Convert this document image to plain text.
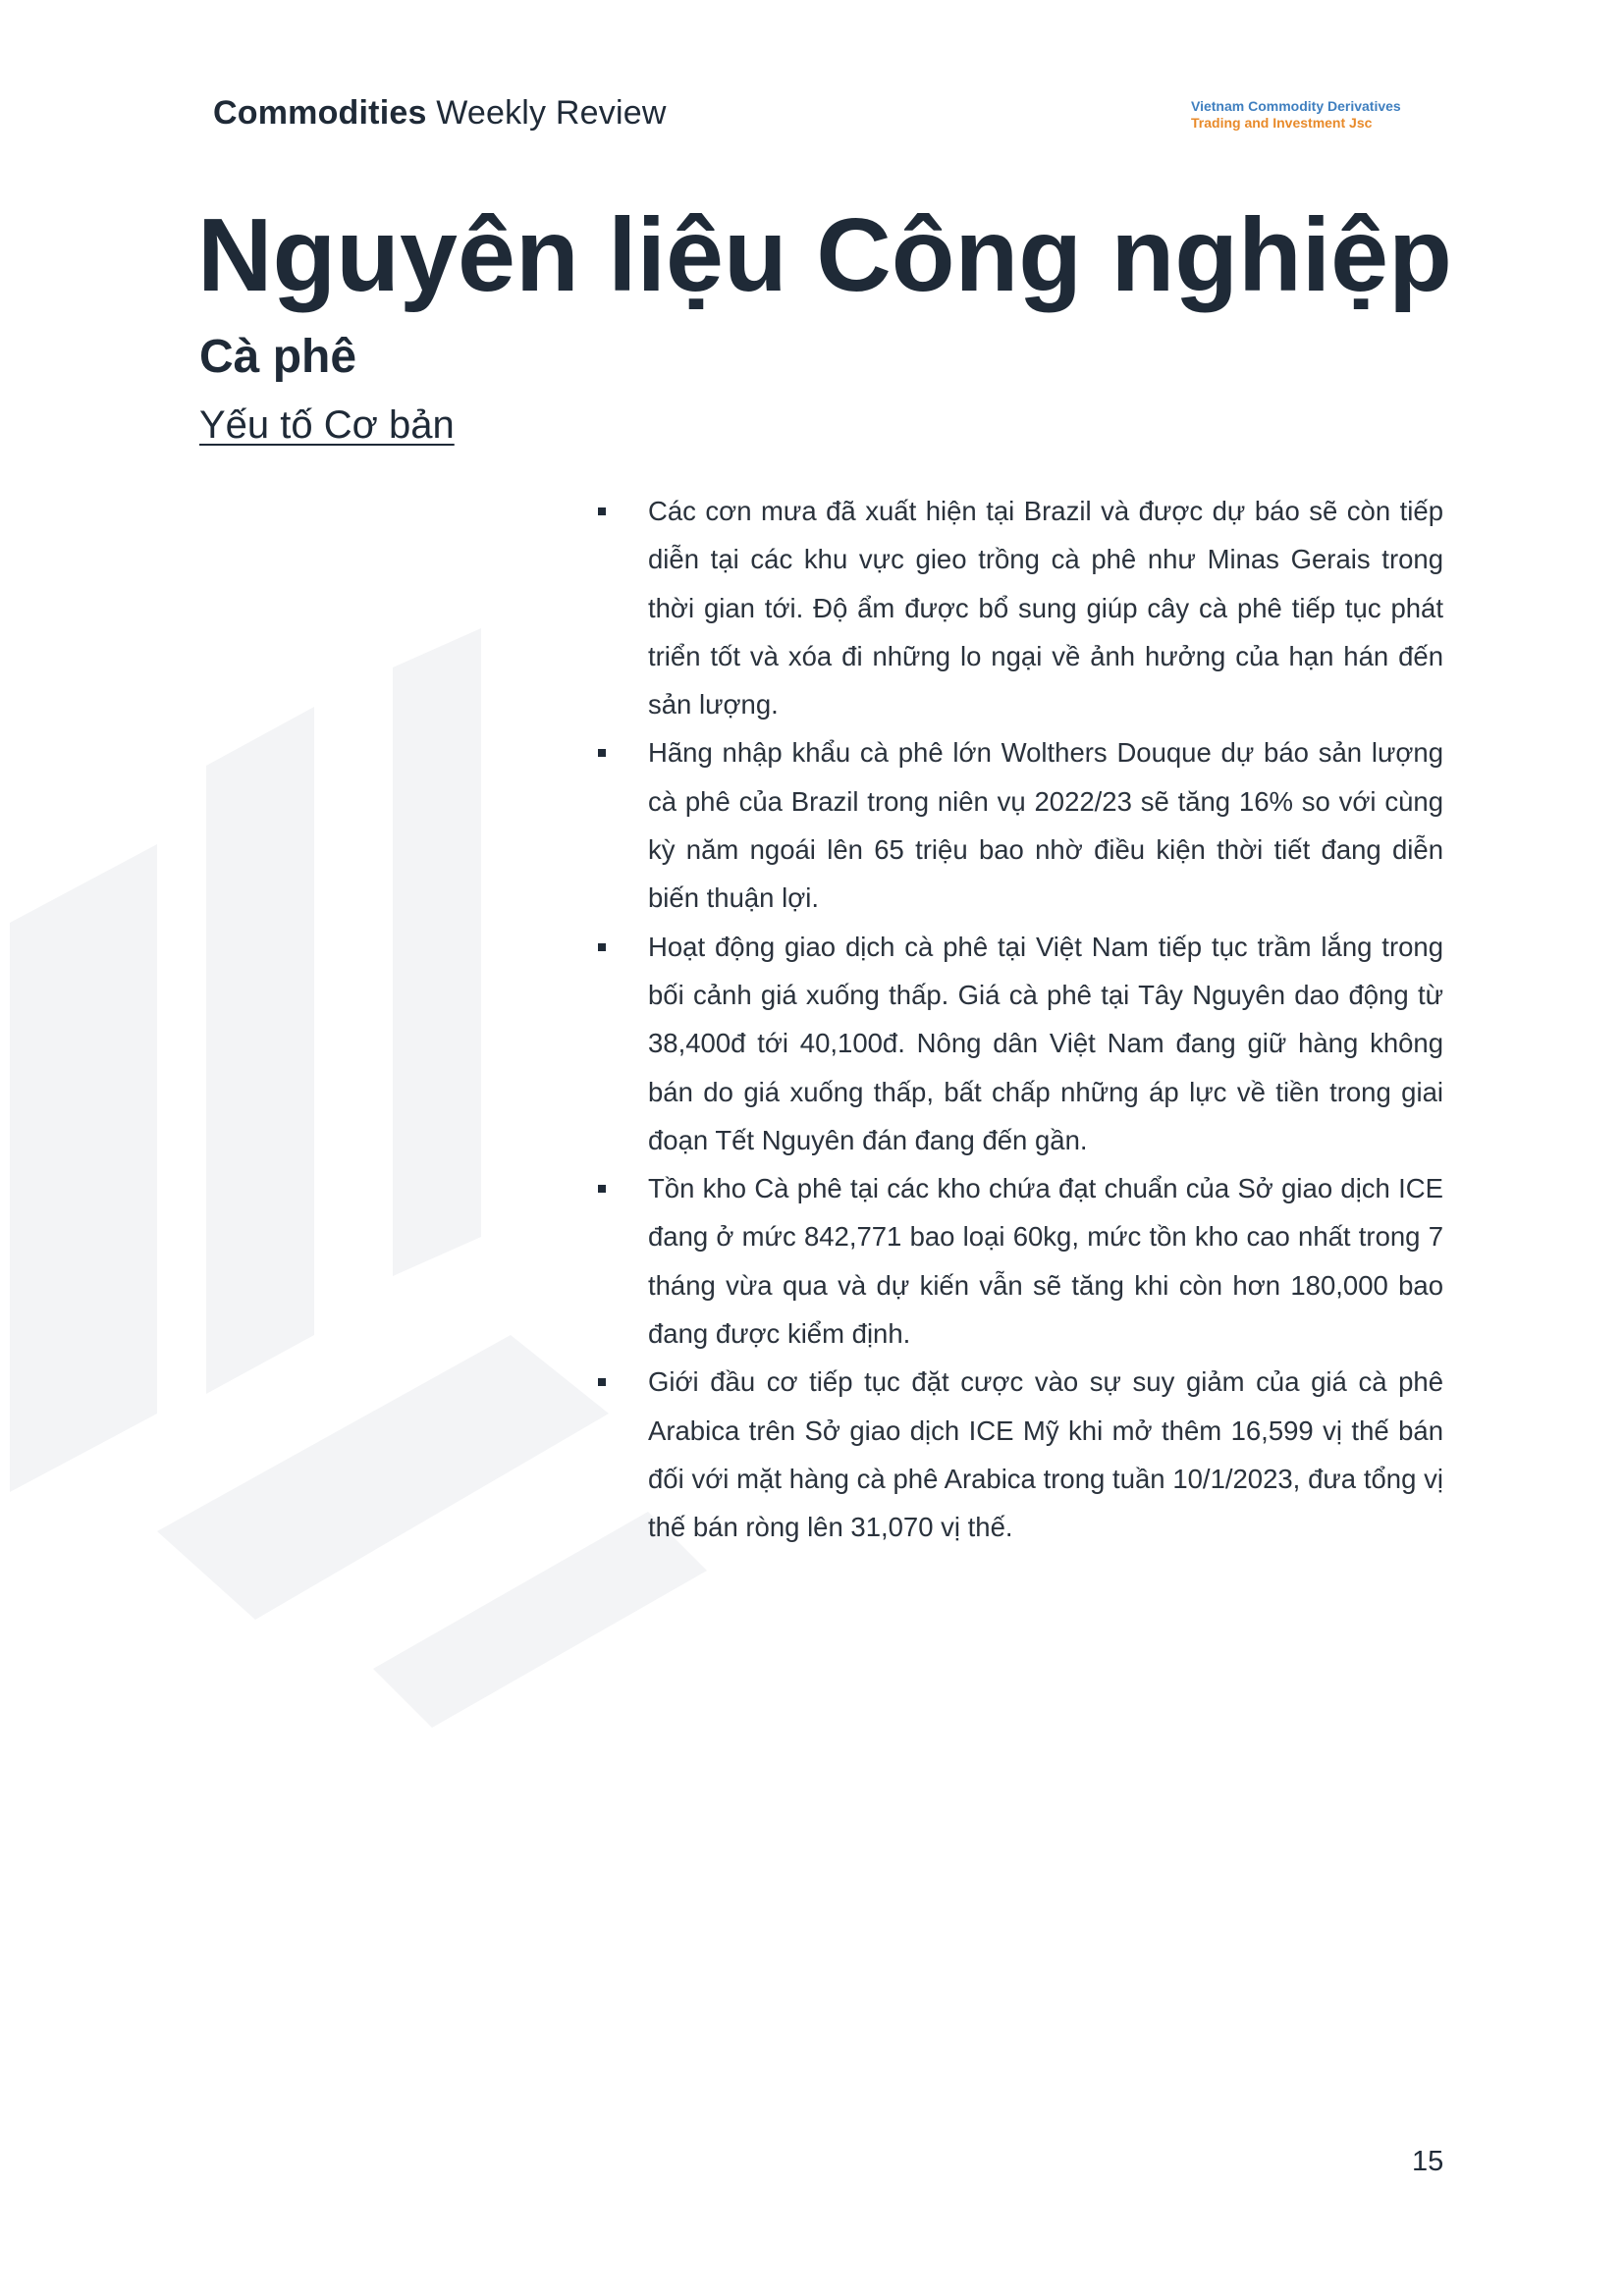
Commodities Weekly Review	Vietnam Commodity Derivatives
Trading and Investment Jsc
Nguyên liệu Công nghiệp
Cà phê
Yếu tố Cơ bản
Các cơn mưa đã xuất hiện tại Brazil và được dự báo sẽ còn tiếp diễn tại các khu vực gieo trồng cà phê như Minas Gerais trong thời gian tới. Độ ẩm được bổ sung giúp cây cà phê tiếp tục phát triển tốt và xóa đi những lo ngại về ảnh hưởng của hạn hán đến sản lượng.
Hãng nhập khẩu cà phê lớn Wolthers Douque dự báo sản lượng cà phê của Brazil trong niên vụ 2022/23 sẽ tăng 16% so với cùng kỳ năm ngoái lên 65 triệu bao nhờ điều kiện thời tiết đang diễn biến thuận lợi.
Hoạt động giao dịch cà phê tại Việt Nam tiếp tục trầm lắng trong bối cảnh giá xuống thấp. Giá cà phê tại Tây Nguyên dao động từ 38,400đ tới 40,100đ. Nông dân Việt Nam đang giữ hàng không bán do giá xuống thấp, bất chấp những áp lực về tiền trong giai đoạn Tết Nguyên đán đang đến gần.
Tồn kho Cà phê tại các kho chứa đạt chuẩn của Sở giao dịch ICE đang ở mức 842,771 bao loại 60kg, mức tồn kho cao nhất trong 7 tháng vừa qua và dự kiến vẫn sẽ tăng khi còn hơn 180,000 bao đang được kiểm định.
Giới đầu cơ tiếp tục đặt cược vào sự suy giảm của giá cà phê Arabica trên Sở giao dịch ICE Mỹ khi mở thêm 16,599 vị thế bán đối với mặt hàng cà phê Arabica trong tuần 10/1/2023, đưa tổng vị thế bán ròng lên 31,070 vị thế.
15
